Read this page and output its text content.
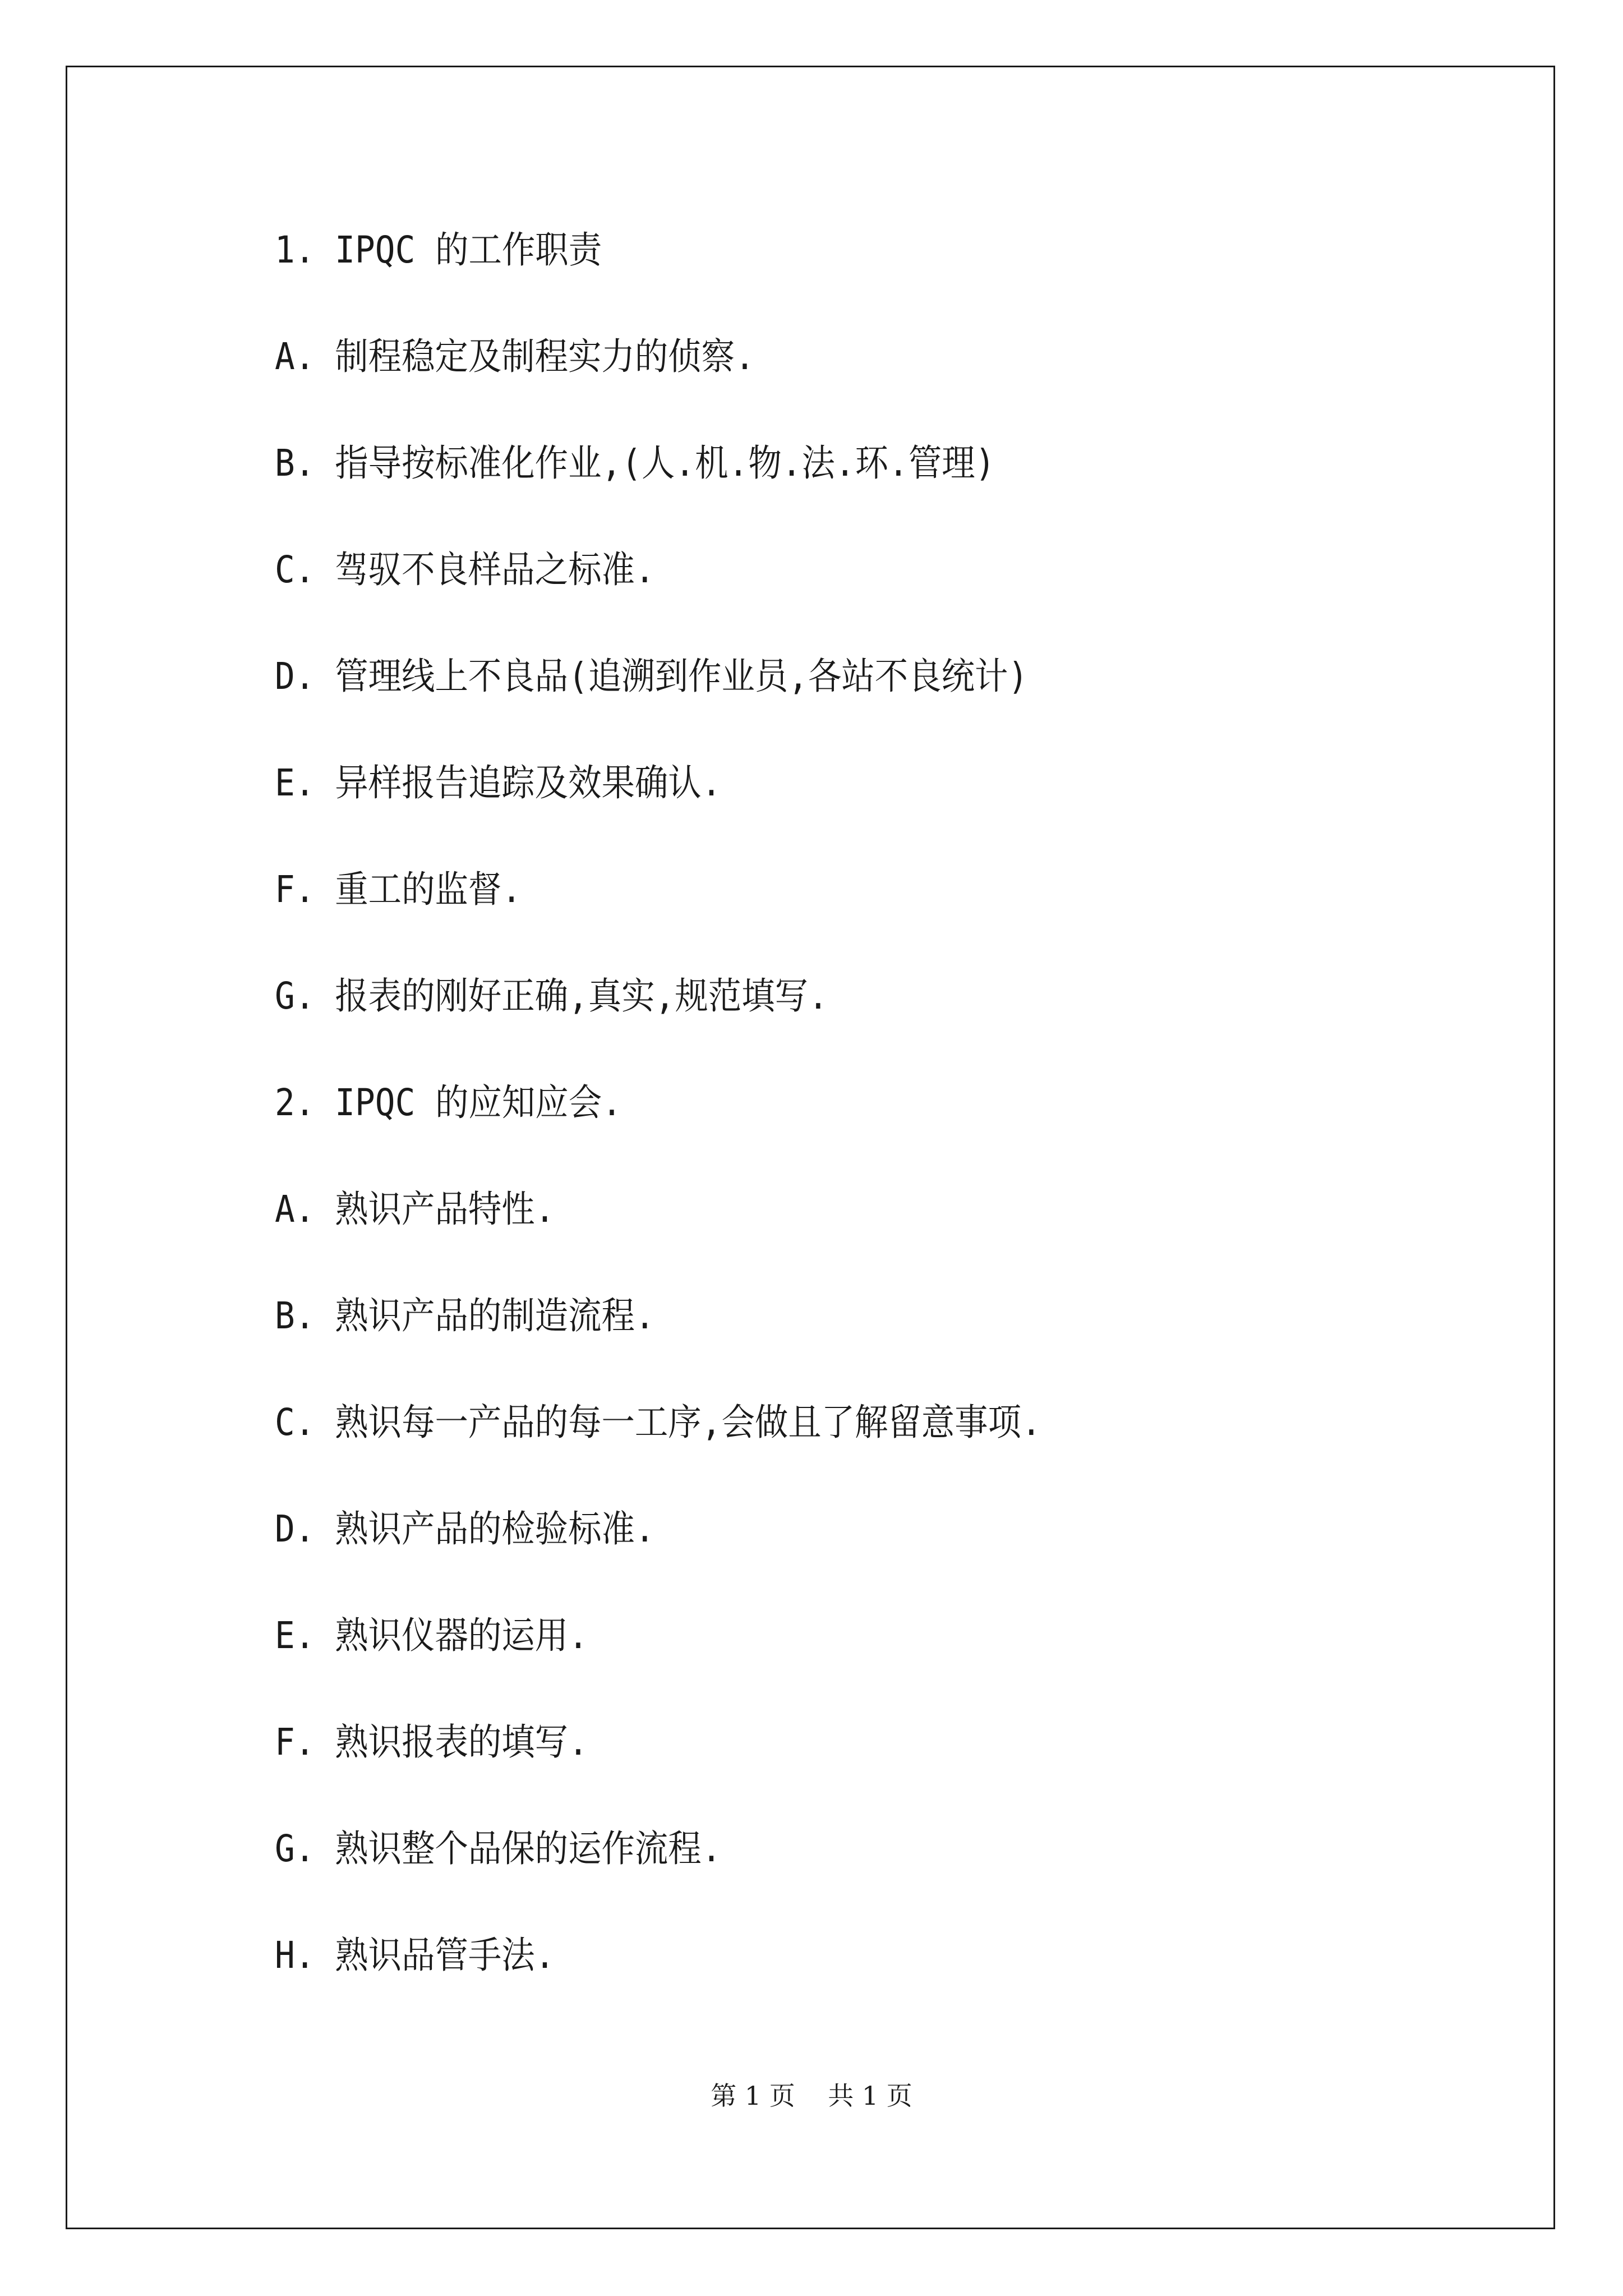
1. IPQC 的工作职责
A. 制程稳定及制程实力的侦察.
B. 指导按标准化作业,(人.机.物.法.环.管理)
C. 驾驭不良样品之标准.
D. 管理线上不良品(追溯到作业员,各站不良统计)
E. 异样报告追踪及效果确认.
F. 重工的监督.
G. 报表的刚好正确,真实,规范填写.
2. IPQC 的应知应会.
A. 熟识产品特性.
B. 熟识产品的制造流程.
C. 熟识每一产品的每一工序,会做且了解留意事项.
D. 熟识产品的检验标准.
E. 熟识仪器的运用.
F. 熟识报表的填写.
G. 熟识整个品保的运作流程.
H. 熟识品管手法.
第 1 页    共 1 页
